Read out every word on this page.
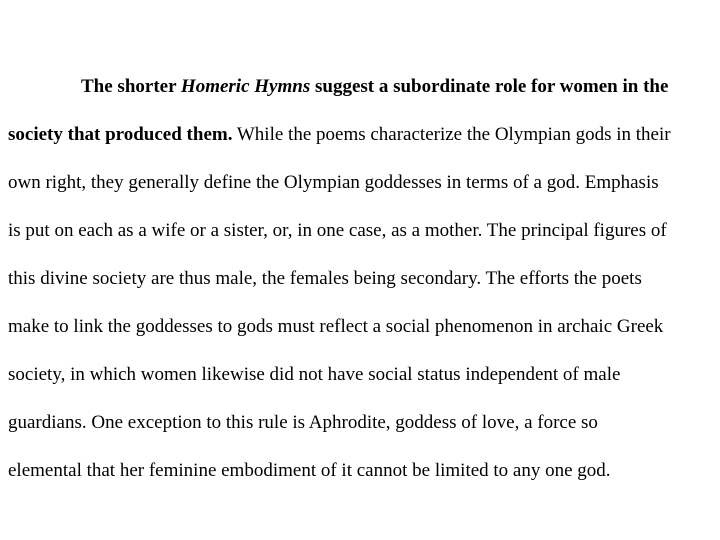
The shorter Homeric Hymns suggest a subordinate role for women in the
society that produced them. While the poems characterize the Olympian gods in their
own right, they generally define the Olympian goddesses in terms of a god. Emphasis
is put on each as a wife or a sister, or, in one case, as a mother. The principal figures of
this divine society are thus male, the females being secondary. The efforts the poets
make to link the goddesses to gods must reflect a social phenomenon in archaic Greek
society, in which women likewise did not have social status independent of male
guardians. One exception to this rule is Aphrodite, goddess of love, a force so
elemental that her feminine embodiment of it cannot be limited to any one god.
